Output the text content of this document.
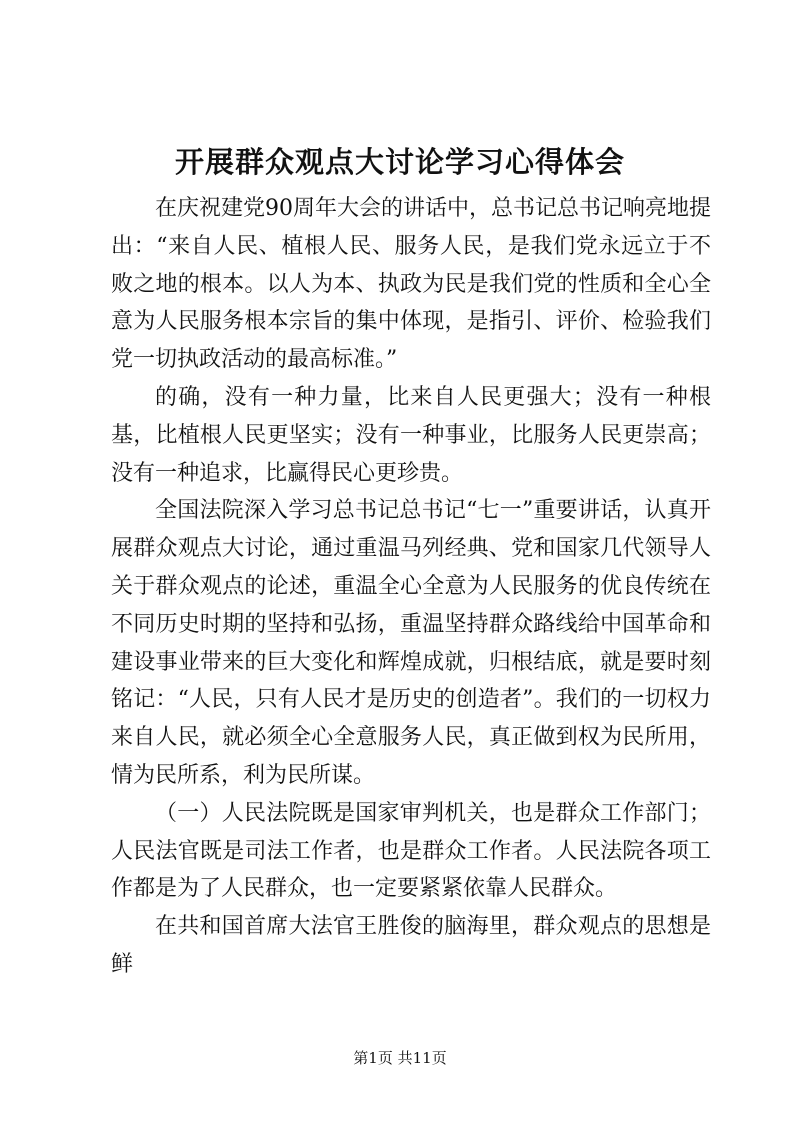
开展群众观点大讨论学习心得体会

在庆祝建党90周年大会的讲话中，总书记总书记响亮地提出：“来自人民、植根人民、服务人民，是我们党永远立于不败之地的根本。以人为本、执政为民是我们党的性质和全心全意为人民服务根本宗旨的集中体现，是指引、评价、检验我们党一切执政活动的最高标准。”

的确，没有一种力量，比来自人民更强大；没有一种根基，比植根人民更坚实；没有一种事业，比服务人民更崇高；没有一种追求，比赢得民心更珍贵。

全国法院深入学习总书记总书记“七一”重要讲话，认真开展群众观点大讨论，通过重温马列经典、党和国家几代领导人关于群众观点的论述，重温全心全意为人民服务的优良传统在不同历史时期的坚持和弘扬，重温坚持群众路线给中国革命和建设事业带来的巨大变化和辉煌成就，归根结底，就是要时刻铭记：“人民，只有人民才是历史的创造者”。我们的一切权力来自人民，就必须全心全意服务人民，真正做到权为民所用，情为民所系，利为民所谋。

（一）人民法院既是国家审判机关，也是群众工作部门；人民法官既是司法工作者，也是群众工作者。人民法院各项工作都是为了人民群众，也一定要紧紧依靠人民群众。

在共和国首席大法官王胜俊的脑海里，群众观点的思想是鲜

第1页 共11页
